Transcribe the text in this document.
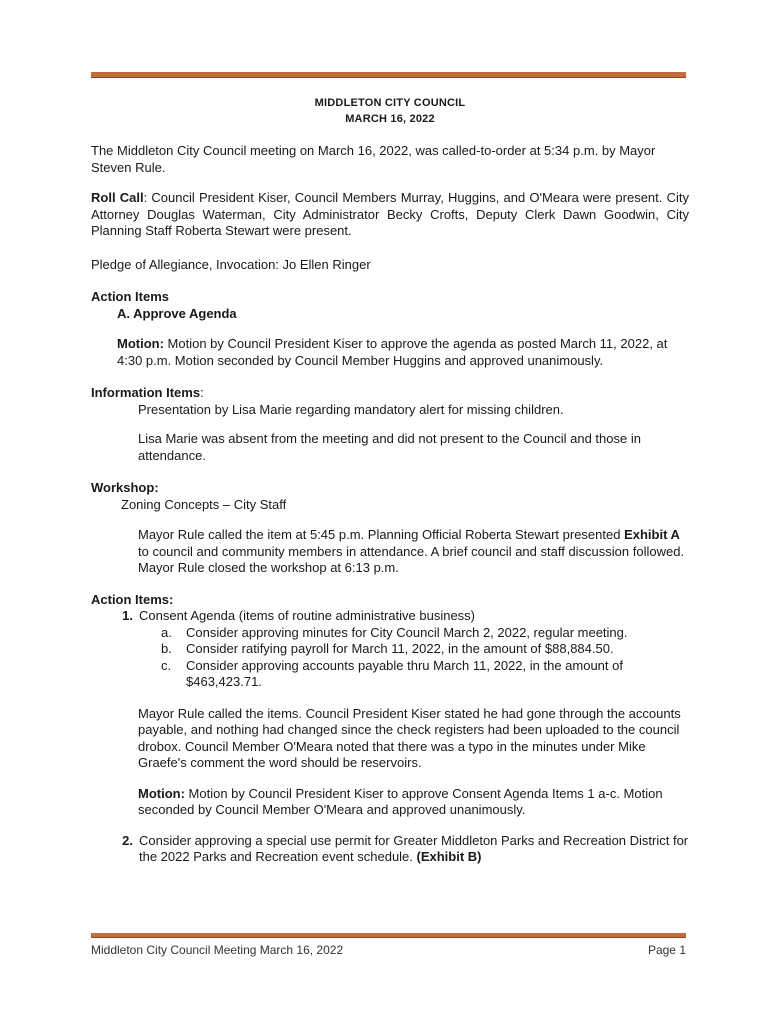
MIDDLETON CITY COUNCIL
MARCH 16, 2022

The Middleton City Council meeting on March 16, 2022, was called-to-order at 5:34 p.m. by Mayor Steven Rule.

Roll Call: Council President Kiser, Council Members Murray, Huggins, and O'Meara were present. City Attorney Douglas Waterman, City Administrator Becky Crofts, Deputy Clerk Dawn Goodwin, City Planning Staff Roberta Stewart were present.

Pledge of Allegiance, Invocation: Jo Ellen Ringer

Action Items

A. Approve Agenda

Motion: Motion by Council President Kiser to approve the agenda as posted March 11, 2022, at 4:30 p.m. Motion seconded by Council Member Huggins and approved unanimously.

Information Items:

Presentation by Lisa Marie regarding mandatory alert for missing children.

Lisa Marie was absent from the meeting and did not present to the Council and those in attendance.

Workshop:

Zoning Concepts – City Staff

Mayor Rule called the item at 5:45 p.m. Planning Official Roberta Stewart presented Exhibit A to council and community members in attendance. A brief council and staff discussion followed. Mayor Rule closed the workshop at 6:13 p.m.

Action Items:

1. Consent Agenda (items of routine administrative business)
a.	Consider approving minutes for City Council March 2, 2022, regular meeting.
b.	Consider ratifying payroll for March 11, 2022, in the amount of $88,884.50.
c.	Consider approving accounts payable thru March 11, 2022, in the amount of $463,423.71.

Mayor Rule called the items. Council President Kiser stated he had gone through the accounts payable, and nothing had changed since the check registers had been uploaded to the council drobox. Council Member O'Meara noted that there was a typo in the minutes under Mike Graefe's comment the word should be reservoirs.

Motion: Motion by Council President Kiser to approve Consent Agenda Items 1 a-c. Motion seconded by Council Member O'Meara and approved unanimously.

2. Consider approving a special use permit for Greater Middleton Parks and Recreation District for the 2022 Parks and Recreation event schedule. (Exhibit B)
Middleton City Council Meeting March 16, 2022	Page 1
